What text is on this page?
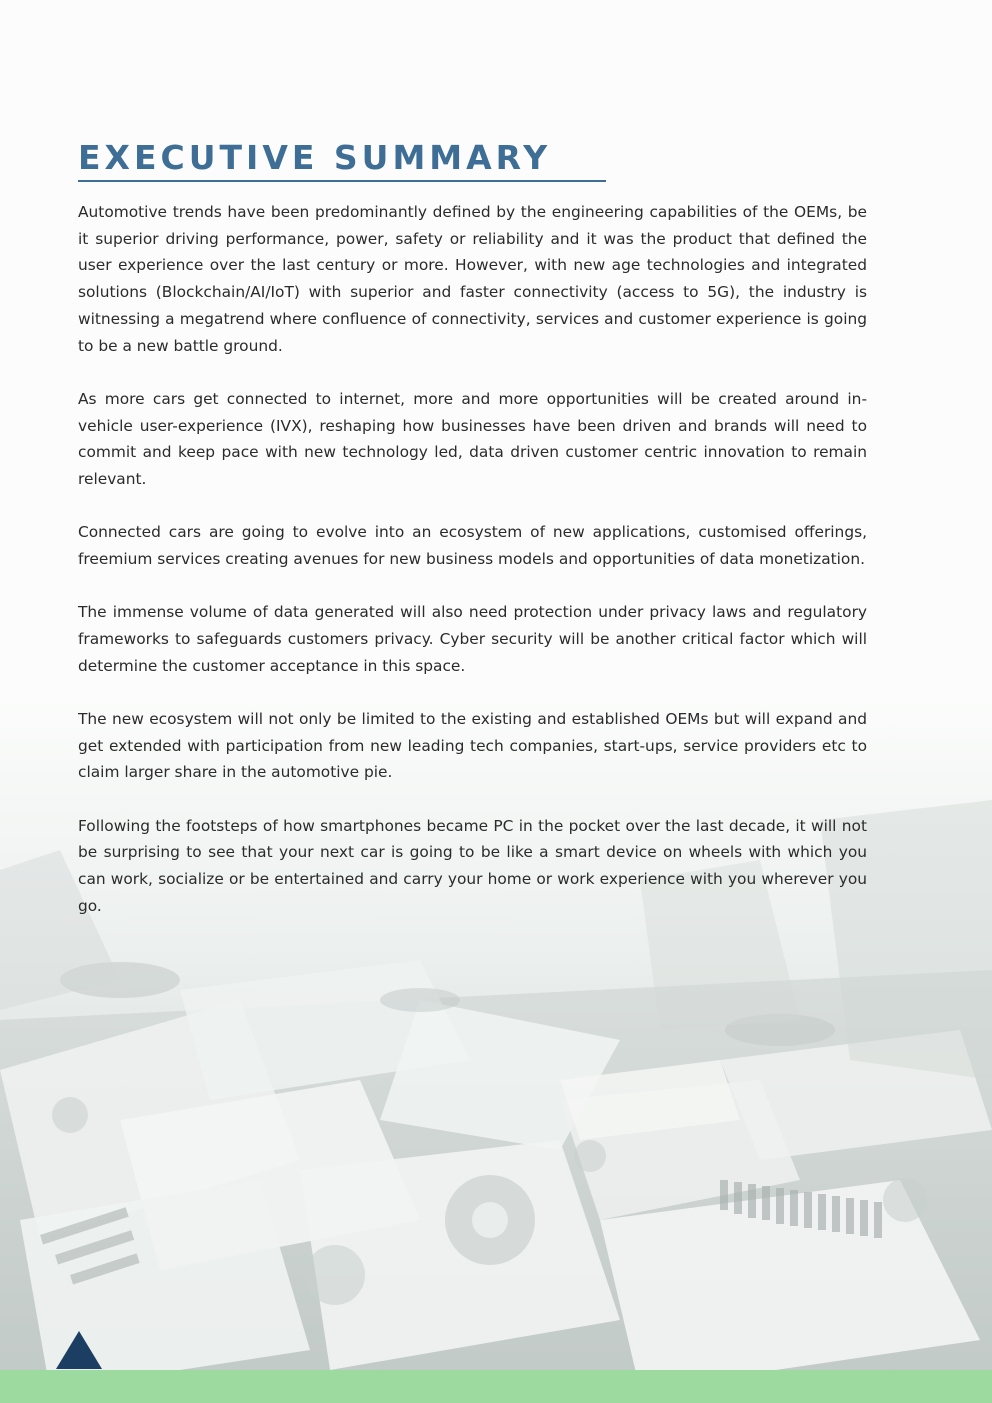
EXECUTIVE SUMMARY

Automotive trends have been predominantly defined by the engineering capabilities of the OEMs, be it superior driving performance, power, safety or reliability and it was the product that defined the user experience over the last century or more. However, with new age technologies and integrated solutions (Blockchain/AI/IoT) with superior and faster connectivity (access to 5G), the industry is witnessing a megatrend where confluence of connectivity, services and customer experience is going to be a new battle ground.

As more cars get connected to internet, more and more opportunities will be created around in-vehicle user-experience (IVX), reshaping how businesses have been driven and brands will need to commit and keep pace with new technology led, data driven customer centric innovation to remain relevant.

Connected cars are going to evolve into an ecosystem of new applications, customised offerings, freemium services creating avenues for new business models and opportunities of data monetization.

The immense volume of data generated will also need protection under privacy laws and regulatory frameworks to safeguards customers privacy. Cyber security will be another critical factor which will determine the customer acceptance in this space.

The new ecosystem will not only be limited to the existing and established OEMs but will expand and get extended with participation from new leading tech companies, start-ups, service providers etc to claim larger share in the automotive pie.

Following the footsteps of how smartphones became PC in the pocket over the last decade, it will not be surprising to see that your next car is going to be like a smart device on wheels with which you can work, socialize or be entertained and carry your home or work experience with you wherever you go.
